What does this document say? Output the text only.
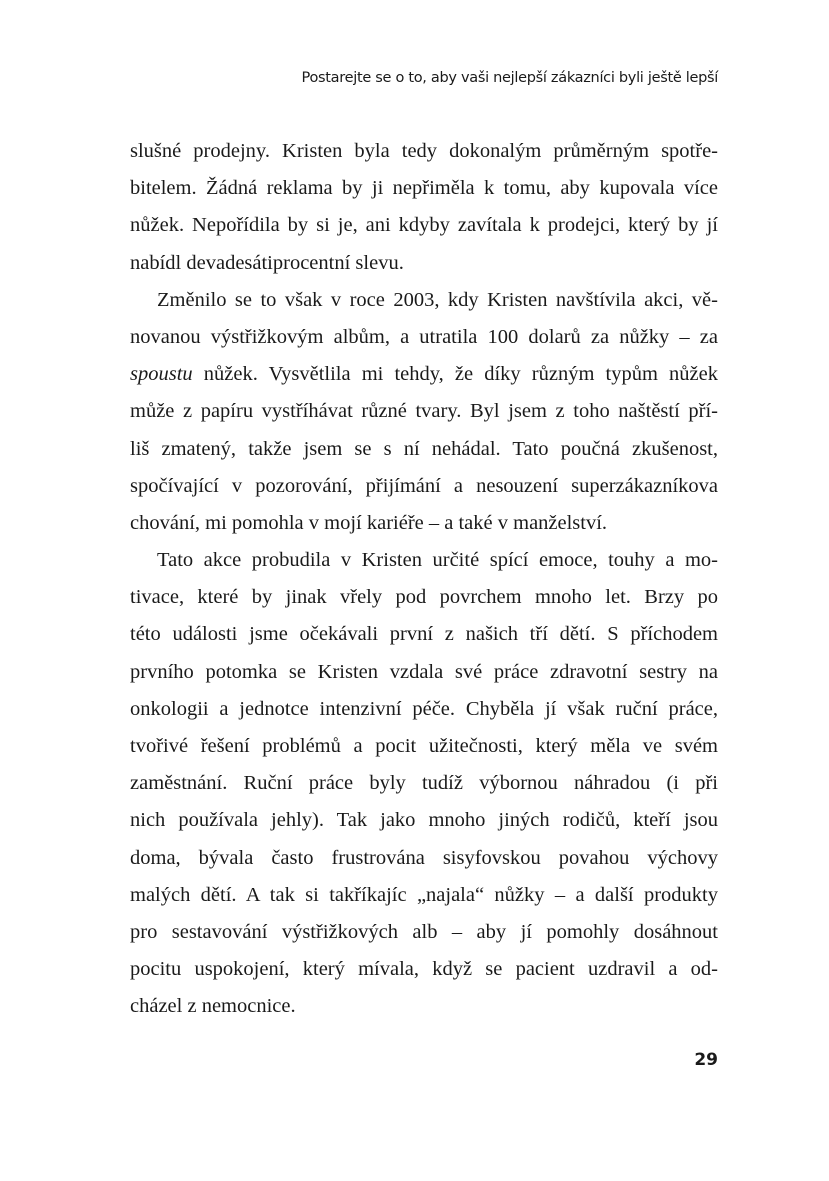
Postarejte se o to, aby vaši nejlepší zákazníci byli ještě lepší
slušné prodejny. Kristen byla tedy dokonalým průměrným spotře-
bitelem. Žádná reklama by ji nepřiměla k tomu, aby kupovala více
nůžek. Nepořídila by si je, ani kdyby zavítala k prodejci, který by jí
nabídl devadesátiprocentní slevu.
Změnilo se to však v roce 2003, kdy Kristen navštívila akci, vě-
novanou výstřižkovým albům, a utratila 100 dolarů za nůžky – za
spoustu nůžek. Vysvětlila mi tehdy, že díky různým typům nůžek
může z papíru vystříhávat různé tvary. Byl jsem z toho naštěstí pří-
liš zmatený, takže jsem se s ní nehádal. Tato poučná zkušenost,
spočívající v pozorování, přijímání a nesouzení superzákazníkova
chování, mi pomohla v mojí kariéře – a také v manželství.
Tato akce probudila v Kristen určité spící emoce, touhy a mo-
tivace, které by jinak vřely pod povrchem mnoho let. Brzy po
této události jsme očekávali první z našich tří dětí. S příchodem
prvního potomka se Kristen vzdala své práce zdravotní sestry na
onkologii a jednotce intenzivní péče. Chyběla jí však ruční práce,
tvořivé řešení problémů a pocit užitečnosti, který měla ve svém
zaměstnání. Ruční práce byly tudíž výbornou náhradou (i při
nich používala jehly). Tak jako mnoho jiných rodičů, kteří jsou
doma, bývala často frustrována sisyfovskou povahou výchovy
malých dětí. A tak si takříkajíc „najala“ nůžky – a další produkty
pro sestavování výstřižkových alb – aby jí pomohly dosáhnout
pocitu uspokojení, který mívala, když se pacient uzdravil a od-
cházel z nemocnice.
29
